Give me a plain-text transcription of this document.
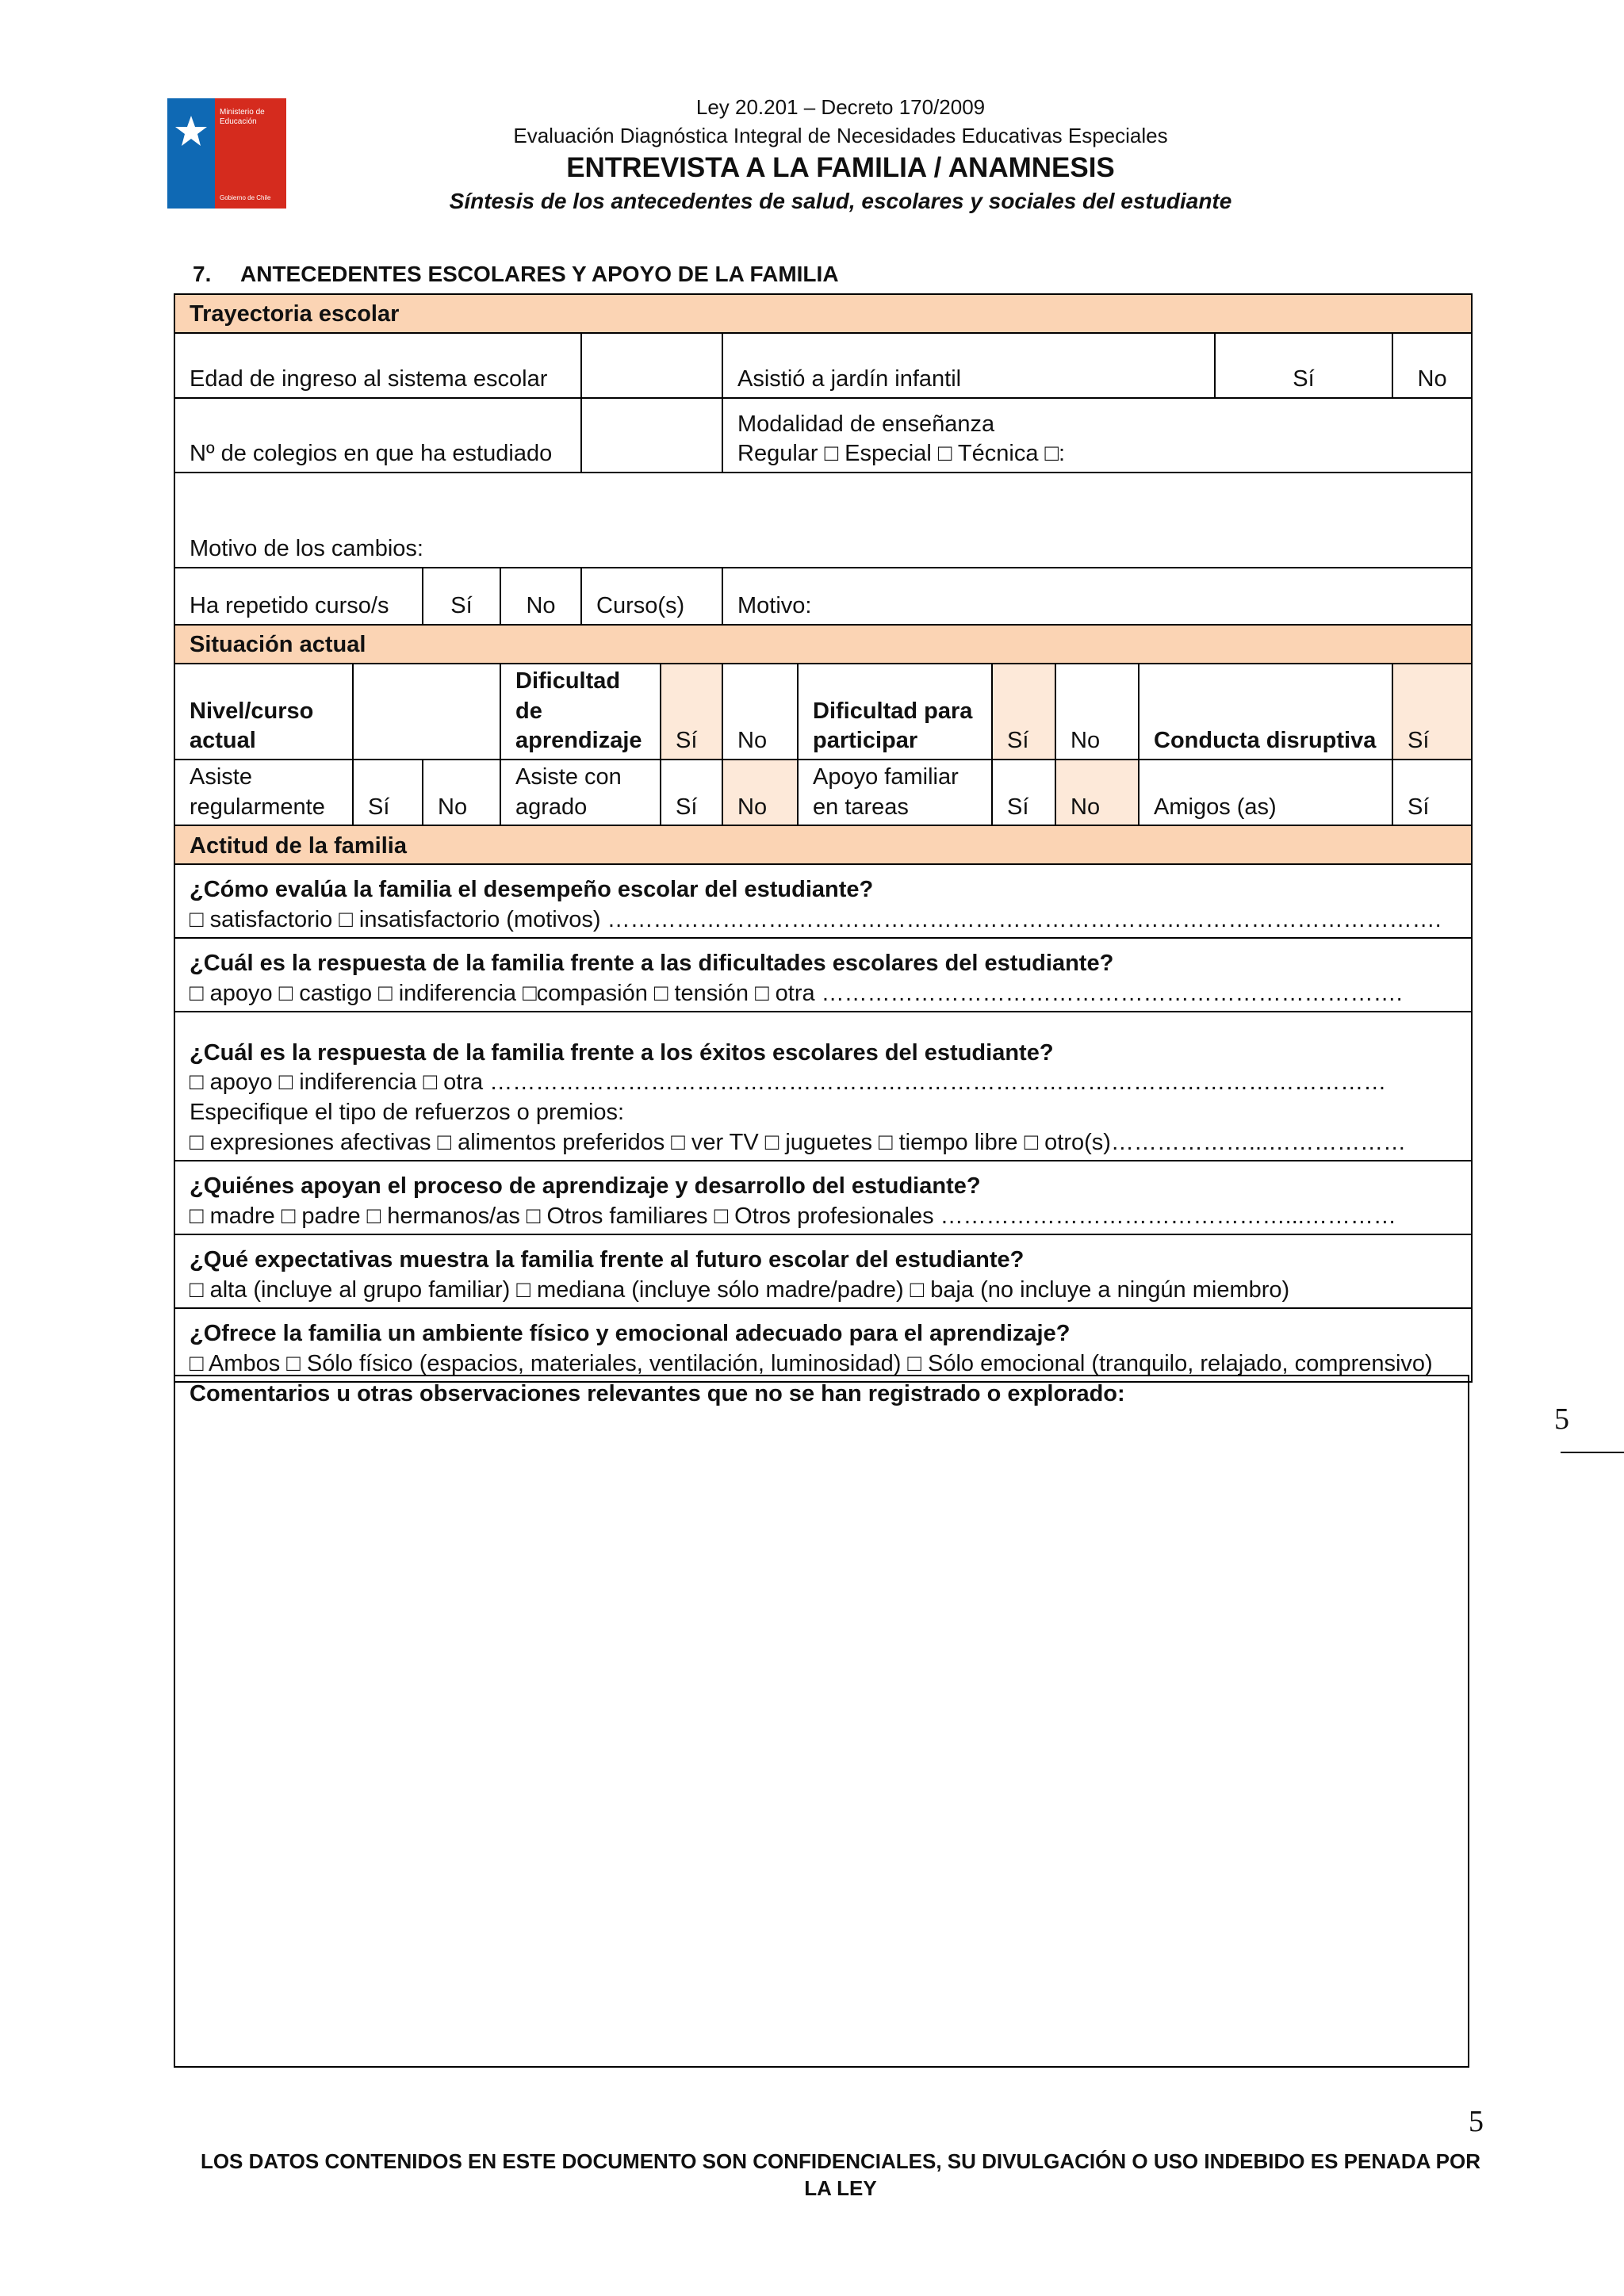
Ministerio de
Educación
Gobierno de Chile
Ley 20.201 – Decreto 170/2009
Evaluación Diagnóstica Integral de Necesidades Educativas Especiales
ENTREVISTA A LA FAMILIA / ANAMNESIS
Síntesis de los antecedentes de salud, escolares y sociales del estudiante
7. ANTECEDENTES ESCOLARES Y APOYO DE LA FAMILIA
Trayectoria escolar													
Edad de ingreso al sistema escolar						Asistió a jardín infantil					Sí	No	
Nº de colegios en que ha estudiado						Modalidad de enseñanza
Regular □ Especial □ Técnica □:							

Motivo de los cambios:													
Ha repetido curso/s		Sí	No	Curso(s)		Motivo:							
Situación actual													
Nivel/curso actual			Dificultad de aprendizaje		Sí	No	Dificultad para participar	Sí	No	Conducta disruptiva		Sí	
Asiste regularmente	Sí	No	Asiste con agrado		Sí	No	Apoyo familiar en tareas	Sí	No	Amigos (as)		Sí	
Actitud de la familia													

¿Cómo evalúa la familia el desempeño escolar del estudiante?
□ satisfactorio □ insatisfactorio (motivos) ……………………………………………………………………………………………….													

¿Cuál es la respuesta de la familia frente a las dificultades escolares del estudiante?
□ apoyo □ castigo □ indiferencia □compasión □ tensión □ otra ………………………………………………………………….													

¿Cuál es la respuesta de la familia frente a los éxitos escolares del estudiante?
□ apoyo □ indiferencia □ otra ………………………………………………………………………………………………………
Especifique el tipo de refuerzos o premios:
□ expresiones afectivas □ alimentos preferidos □ ver TV □ juguetes □ tiempo libre □ otro(s)………………...………………													

¿Quiénes apoyan el proceso de aprendizaje y desarrollo del estudiante?
□ madre □ padre □ hermanos/as □ Otros familiares □ Otros profesionales ………………………………………...…………													

¿Qué expectativas muestra la familia frente al futuro escolar del estudiante?
□ alta (incluye al grupo familiar) □ mediana (incluye sólo madre/padre) □ baja (no incluye a ningún miembro)													

¿Ofrece la familia un ambiente físico y emocional adecuado para el aprendizaje?
□ Ambos □ Sólo físico (espacios, materiales, ventilación, luminosidad) □ Sólo emocional (tranquilo, relajado, comprensivo)													
Comentarios u otras observaciones relevantes que no se han registrado o explorado:
5
5
LOS DATOS CONTENIDOS EN ESTE DOCUMENTO SON CONFIDENCIALES, SU DIVULGACIÓN O USO INDEBIDO ES PENADA POR LA LEY
